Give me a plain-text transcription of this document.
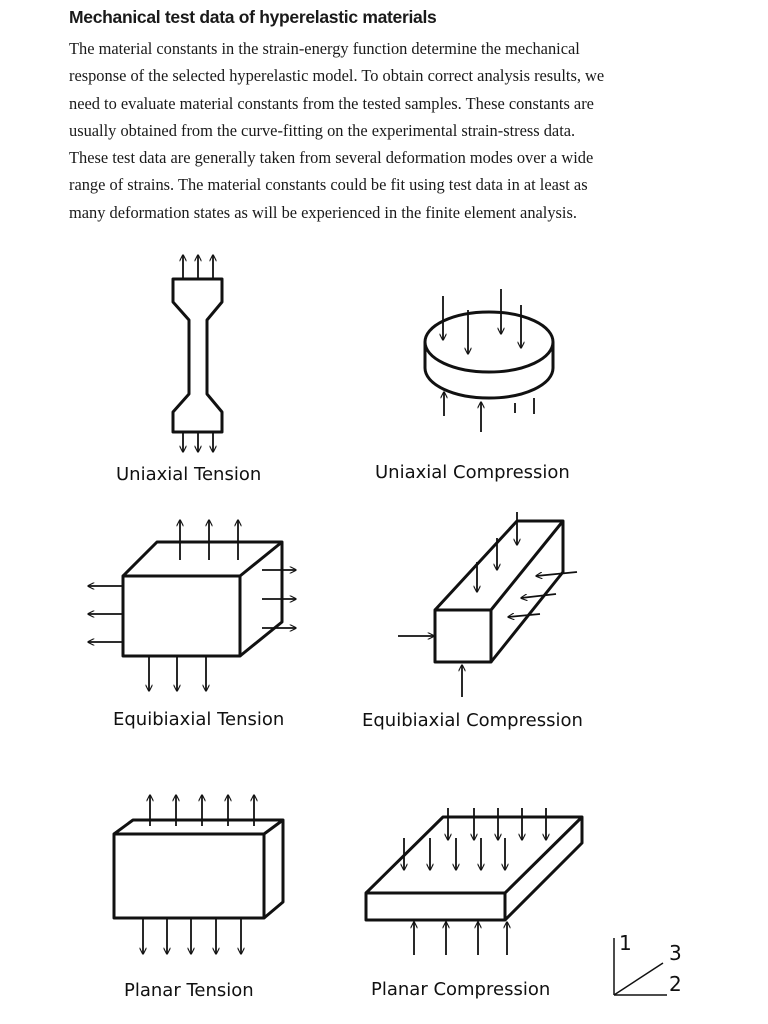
Mechanical test data of hyperelastic materials
The material constants in the strain-energy function determine the mechanical
response of the selected hyperelastic model. To obtain correct analysis results, we
need to evaluate material constants from the tested samples. These constants are
usually obtained from the curve-fitting on the experimental strain-stress data.
These test data are generally taken from several deformation modes over a wide
range of strains. The material constants could be fit using test data in at least as
many deformation states as will be experienced in the finite element analysis.
Uniaxial Tension	Uniaxial Compression
Equibiaxial Tension	Equibiaxial Compression
Planar Tension	Planar Compression
1 3
2
